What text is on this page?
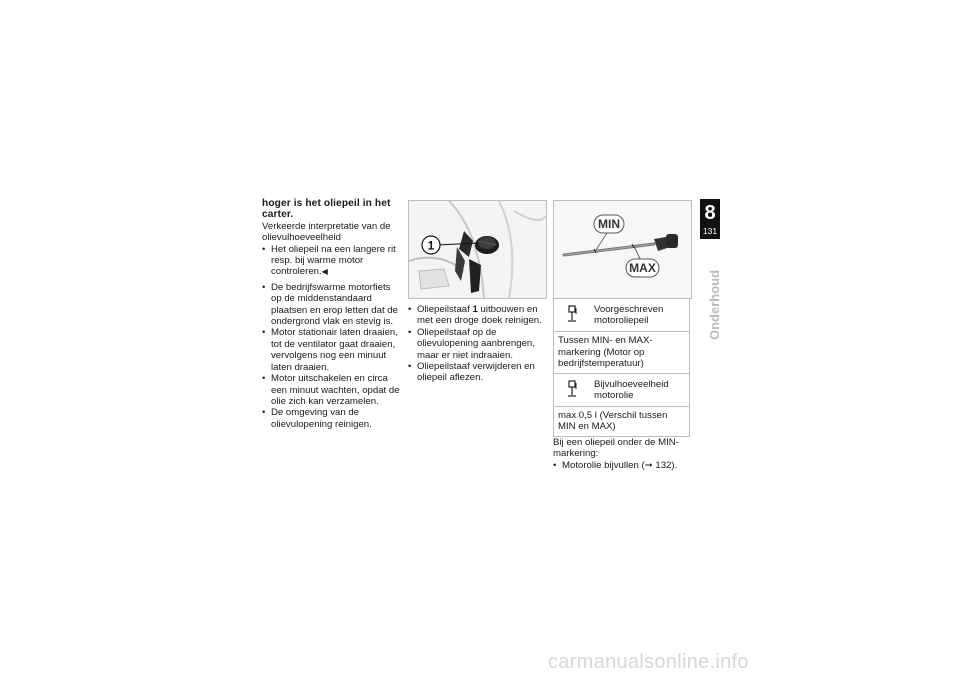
hoger is het oliepeil in het carter.
Verkeerde interpretatie van de olievulhoeveelheid
• Het oliepeil na een langere rit resp. bij warme motor controleren.◀
• De bedrijfswarme motorfiets op de middenstandaard plaatsen en erop letten dat de ondergrond vlak en stevig is.
• Motor stationair laten draaien, tot de ventilator gaat draaien, vervolgens nog een minuut laten draaien.
• Motor uitschakelen en circa een minuut wachten, opdat de olie zich kan verzamelen.
• De omgeving van de olievulopening reinigen.
1
• Oliepeilstaaf 1 uitbouwen en met een droge doek reinigen.
• Oliepeilstaaf op de olievulopening aanbrengen, maar er niet indraaien.
• Oliepeilstaaf verwijderen en oliepeil aflezen.
MIN
MAX
Voorgeschreven motoroliepeil
Tussen MIN- en MAX-markering (Motor op bedrijfstemperatuur)
Bijvulhoeveelheid motorolie
max 0,5 l (Verschil tussen MIN en MAX)
Bij een oliepeil onder de MIN-markering:
• Motorolie bijvullen (➞ 132).
8
131
Onderhoud
carmanualsonline.info
